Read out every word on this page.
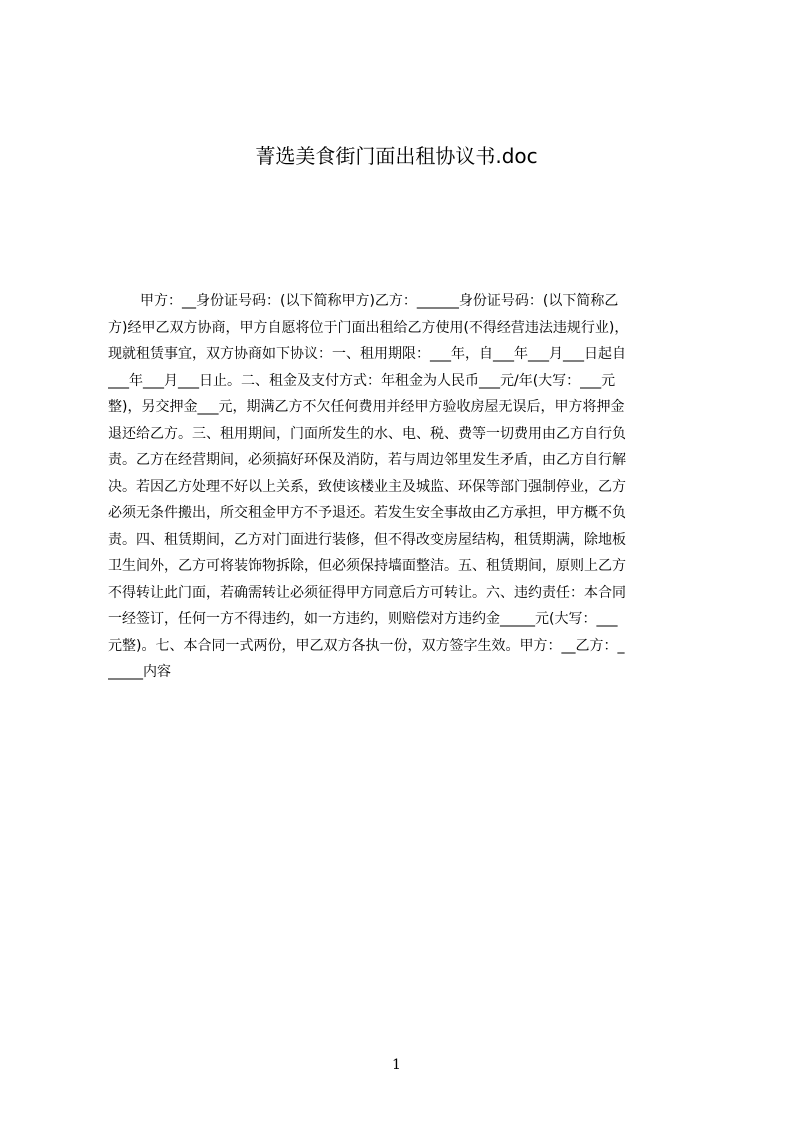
菁选美食街门面出租协议书.doc
甲方：__身份证号码：(以下简称甲方)乙方：______身份证号码：(以下简称乙
方)经甲乙双方协商，甲方自愿将位于门面出租给乙方使用(不得经营违法违规行业)，
现就租赁事宜，双方协商如下协议：一、租用期限：___年，自___年___月___日起自
___年___月___日止。二、租金及支付方式：年租金为人民币___元/年(大写：___元
整)，另交押金___元，期满乙方不欠任何费用并经甲方验收房屋无误后，甲方将押金
退还给乙方。三、租用期间，门面所发生的水、电、税、费等一切费用由乙方自行负
责。乙方在经营期间，必须搞好环保及消防，若与周边邻里发生矛盾，由乙方自行解
决。若因乙方处理不好以上关系，致使该楼业主及城监、环保等部门强制停业，乙方
必须无条件搬出，所交租金甲方不予退还。若发生安全事故由乙方承担，甲方概不负
责。四、租赁期间，乙方对门面进行装修，但不得改变房屋结构，租赁期满，除地板
卫生间外，乙方可将装饰物拆除，但必须保持墙面整洁。五、租赁期间，原则上乙方
不得转让此门面，若确需转让必须征得甲方同意后方可转让。六、违约责任：本合同
一经签订，任何一方不得违约，如一方违约，则赔偿对方违约金_____元(大写：___
元整)。七、本合同一式两份，甲乙双方各执一份，双方签字生效。甲方：__乙方：_
_____内容
1
